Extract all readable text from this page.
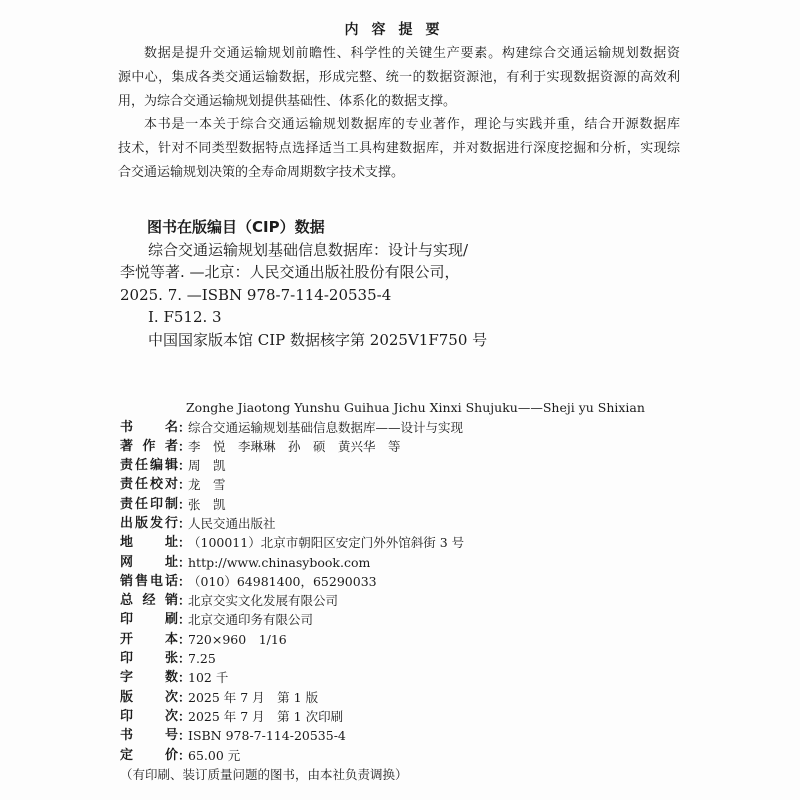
内容提要
数据是提升交通运输规划前瞻性、科学性的关键生产要素。构建综合交通运输规划数据资
源中心，集成各类交通运输数据，形成完整、统一的数据资源池，有利于实现数据资源的高效利
用，为综合交通运输规划提供基础性、体系化的数据支撑。
本书是一本关于综合交通运输规划数据库的专业著作，理论与实践并重，结合开源数据库
技术，针对不同类型数据特点选择适当工具构建数据库，并对数据进行深度挖掘和分析，实现综
合交通运输规划决策的全寿命周期数字技术支撑。
图书在版编目（CIP）数据
综合交通运输规划基础信息数据库：设计与实现/
李悦等著. —北京：人民交通出版社股份有限公司，
2025. 7. —ISBN 978-7-114-20535-4
Ⅰ. F512. 3
中国国家版本馆 CIP 数据核字第 2025V1F750 号
Zonghe Jiaotong Yunshu Guihua Jichu Xinxi Shujuku——Sheji yu Shixian
书名：综合交通运输规划基础信息数据库——设计与实现
著作者：李　悦　李琳琳　孙　硕　黄兴华　等
责任编辑：周　凯
责任校对：龙　雪
责任印制：张　凯
出版发行：人民交通出版社
地址：（100011）北京市朝阳区安定门外外馆斜街 3 号
网址：http://www.chinasybook.com
销售电话：（010）64981400，65290033
总经销：北京交实文化发展有限公司
印刷：北京交通印务有限公司
开本：720×960　1/16
印张：7.25
字数：102 千
版次：2025 年 7 月　第 1 版
印次：2025 年 7 月　第 1 次印刷
书号：ISBN 978-7-114-20535-4
定价：65.00 元
（有印刷、装订质量问题的图书，由本社负责调换）
